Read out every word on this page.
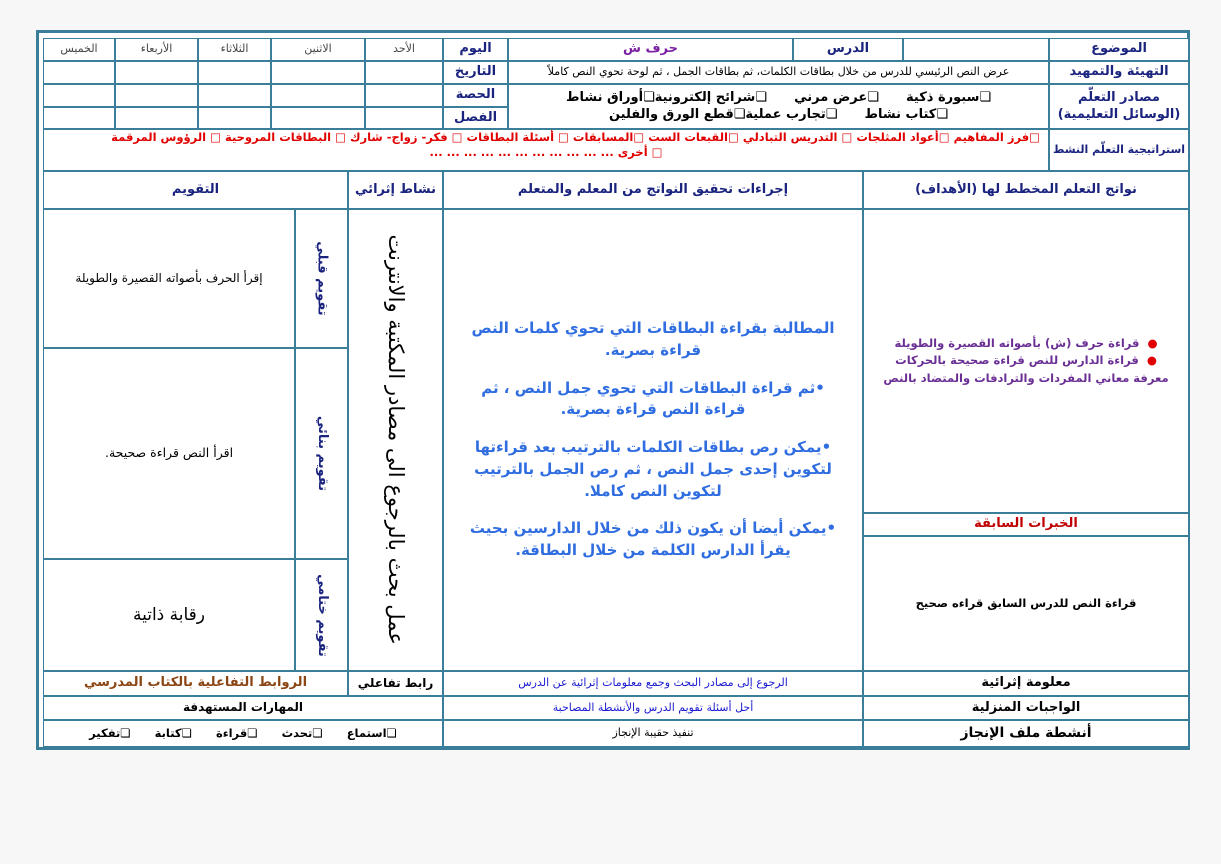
الموضوع
الدرس
حرف ش
اليوم
الأحد
الاثنين
الثلاثاء
الأربعاء
الخميس
التهيئة والتمهيد
عرض النص الرئيسي للدرس من خلال بطاقات الكلمات، ثم بطاقات الجمل ، ثم لوحة تحوي النص كاملاً
التاريخ
مصادر التعلّم (الوسائل التعليمية)
❏سبورة ذكية      ❏عرض مرني      ❏شرائح إلكترونية❏أوراق نشاط
❏كتاب نشاط      ❏تجارب عملية❏قطع الورق والفلين
الحصة
الفصل
استراتيجية التعلّم النشط
□فرز المفاهيم □أعواد المثلجات □ التدريس التبادلي □القبعات الست □المسابقات □ أسئلة البطاقات □ فكر- زواج- شارك □ البطاقات المروحية □ الرؤوس المرقمة
□ أخرى ... ... ... ... ... ... ... ... ... ... ...
نواتج التعلم المخطط لها (الأهداف)
إجراءات تحقيق النواتج من المعلم والمتعلم
نشاط إثرائي
التقويم
●  قراءة حرف (ش) بأصواته القصيرة والطويلة
●  قراءة الدارس للنص قراءة صحيحة بالحركات
معرفة معاني المفردات والترادفات والمتضاد بالنص
الخبرات السابقة
قراءة النص للدرس السابق قراءه صحيح

المطالبة بقراءة البطاقات التي تحوي كلمات النص قراءة بصرية.

•ثم قراءة البطاقات التي تحوي جمل النص ، ثم قراءة النص قراءة بصرية.

•يمكن رص بطاقات الكلمات بالترتيب بعد قراءتها لتكوين إحدى جمل النص ، ثم رص الجمل بالترتيب لتكوين النص كاملا.

•يمكن أيضا أن يكون ذلك من خلال الدارسين بحيث يقرأ الدارس الكلمة من خلال البطاقة.

عمل بحث بالرجوع الى مصادر المكتبة والانترنت
تقويم قبلي
تقويم بنائي
تقويم ختامي
إقرأ الحرف بأصواته القصيرة والطويلة
اقرأ النص قراءة صحيحة.
رقابة ذاتية
معلومة إثرائية
الرجوع إلى مصادر البحث وجمع معلومات إثرائية عن الدرس
رابط تفاعلي
الروابط التفاعلية بالكتاب المدرسي
الواجبات المنزلية
أحل أسئلة تقويم الدرس والأنشطة المصاحبة
المهارات المستهدفة
أنشطة ملف الإنجاز
تنفيذ حقيبة الإنجاز
❏استماع      ❏تحدث      ❏قراءة      ❏كتابة      ❏تفكير
